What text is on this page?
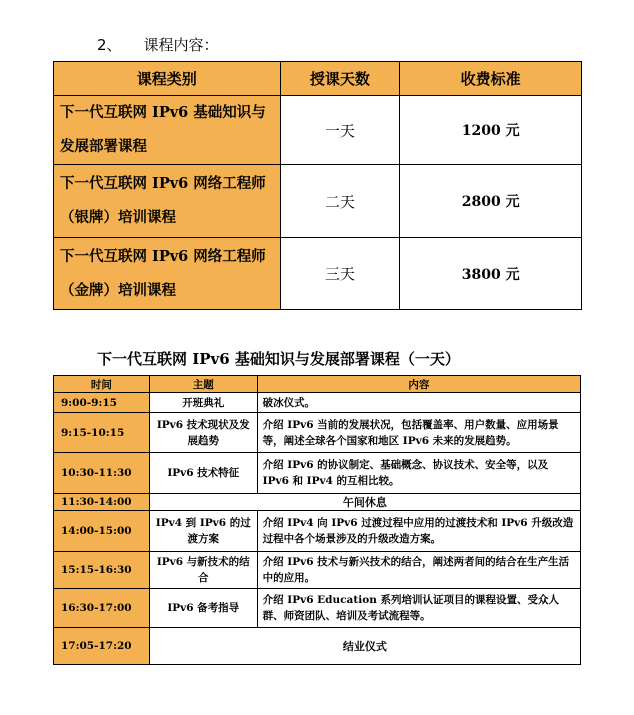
2、 课程内容：
课程类别	授课天数	收费标准
下一代互联网 IPv6 基础知识与发展部署课程	一天	1200 元
下一代互联网 IPv6 网络工程师（银牌）培训课程	二天	2800 元
下一代互联网 IPv6 网络工程师（金牌）培训课程	三天	3800 元
下一代互联网 IPv6 基础知识与发展部署课程（一天）
时间	主题	内容
9:00-9:15	开班典礼	破冰仪式。
9:15-10:15	IPv6 技术现状及发展趋势	介绍 IPv6 当前的发展状况，包括覆盖率、用户数量、应用场景等，阐述全球各个国家和地区 IPv6 未来的发展趋势。
10:30-11:30	IPv6 技术特征	介绍 IPv6 的协议制定、基础概念、协议技术、安全等，以及 IPv6 和 IPv4 的互相比较。
11:30-14:00	午间休息	
14:00-15:00	IPv4 到 IPv6 的过渡方案	介绍 IPv4 向 IPv6 过渡过程中应用的过渡技术和 IPv6 升级改造过程中各个场景涉及的升级改造方案。
15:15-16:30	IPv6 与新技术的结合	介绍 IPv6 技术与新兴技术的结合，阐述两者间的结合在生产生活中的应用。
16:30-17:00	IPv6 备考指导	介绍 IPv6 Education 系列培训认证项目的课程设置、受众人群、师资团队、培训及考试流程等。
17:05-17:20	结业仪式	
